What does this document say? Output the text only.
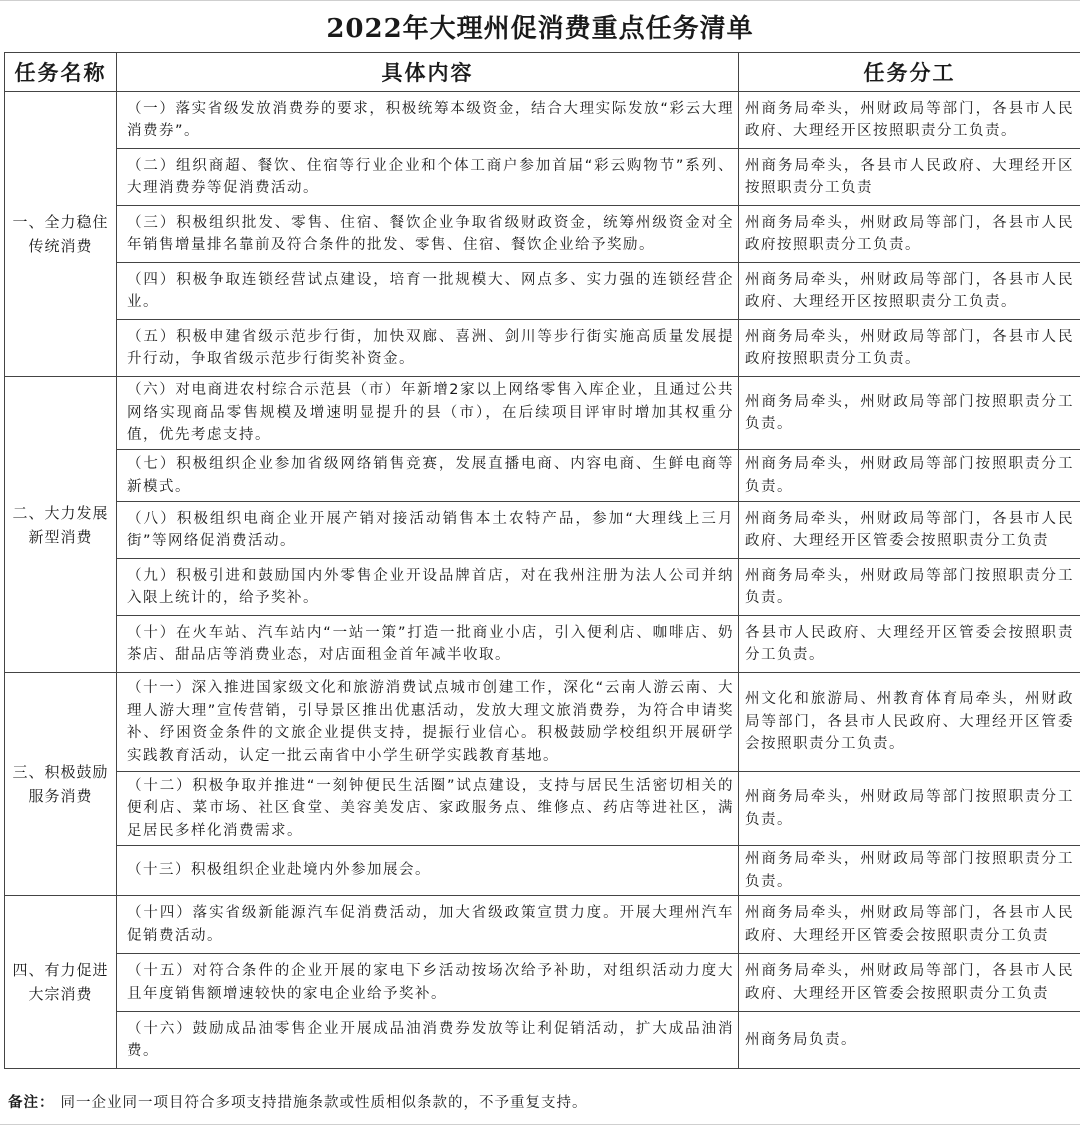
2022年大理州促消费重点任务清单
任务名称	具体内容	任务分工

一、全力稳住
传统消费	（一）落实省级发放消费券的要求，积极统筹本级资金，结合大理实际发放“彩云大理消费券”。	州商务局牵头，州财政局等部门，各县市人民政府、大理经开区按照职责分工负责。
	（二）组织商超、餐饮、住宿等行业企业和个体工商户参加首届“彩云购物节”系列、大理消费券等促消费活动。	州商务局牵头，各县市人民政府、大理经开区按照职责分工负责
	（三）积极组织批发、零售、住宿、餐饮企业争取省级财政资金，统筹州级资金对全年销售增量排名靠前及符合条件的批发、零售、住宿、餐饮企业给予奖励。	州商务局牵头，州财政局等部门，各县市人民政府按照职责分工负责。
	（四）积极争取连锁经营试点建设，培育一批规模大、网点多、实力强的连锁经营企业。	州商务局牵头，州财政局等部门，各县市人民政府、大理经开区按照职责分工负责。
	（五）积极申建省级示范步行街，加快双廊、喜洲、剑川等步行街实施高质量发展提升行动，争取省级示范步行街奖补资金。	州商务局牵头，州财政局等部门，各县市人民政府按照职责分工负责。

二、大力发展
新型消费	（六）对电商进农村综合示范县（市）年新增2家以上网络零售入库企业，且通过公共网络实现商品零售规模及增速明显提升的县（市），在后续项目评审时增加其权重分值，优先考虑支持。	州商务局牵头，州财政局等部门按照职责分工负责。
	（七）积极组织企业参加省级网络销售竞赛，发展直播电商、内容电商、生鲜电商等新模式。	州商务局牵头，州财政局等部门按照职责分工负责。
	（八）积极组织电商企业开展产销对接活动销售本土农特产品，参加“大理线上三月街”等网络促消费活动。	州商务局牵头，州财政局等部门，各县市人民政府、大理经开区管委会按照职责分工负责
	（九）积极引进和鼓励国内外零售企业开设品牌首店，对在我州注册为法人公司并纳入限上统计的，给予奖补。	州商务局牵头，州财政局等部门按照职责分工负责。
	（十）在火车站、汽车站内“一站一策”打造一批商业小店，引入便利店、咖啡店、奶茶店、甜品店等消费业态，对店面租金首年减半收取。	各县市人民政府、大理经开区管委会按照职责分工负责。

三、积极鼓励
服务消费	（十一）深入推进国家级文化和旅游消费试点城市创建工作，深化“云南人游云南、大理人游大理”宣传营销，引导景区推出优惠活动，发放大理文旅消费券，为符合申请奖补、纾困资金条件的文旅企业提供支持，提振行业信心。积极鼓励学校组织开展研学实践教育活动，认定一批云南省中小学生研学实践教育基地。	州文化和旅游局、州教育体育局牵头，州财政局等部门，各县市人民政府、大理经开区管委会按照职责分工负责。
	（十二）积极争取并推进“一刻钟便民生活圈”试点建设，支持与居民生活密切相关的便利店、菜市场、社区食堂、美容美发店、家政服务点、维修点、药店等进社区，满足居民多样化消费需求。	州商务局牵头，州财政局等部门按照职责分工负责。
	（十三）积极组织企业赴境内外参加展会。	州商务局牵头，州财政局等部门按照职责分工负责。

四、有力促进
大宗消费	（十四）落实省级新能源汽车促消费活动，加大省级政策宣贯力度。开展大理州汽车促销费活动。	州商务局牵头，州财政局等部门，各县市人民政府、大理经开区管委会按照职责分工负责
	（十五）对符合条件的企业开展的家电下乡活动按场次给予补助，对组织活动力度大且年度销售额增速较快的家电企业给予奖补。	州商务局牵头，州财政局等部门，各县市人民政府、大理经开区管委会按照职责分工负责
	（十六）鼓励成品油零售企业开展成品油消费券发放等让利促销活动，扩大成品油消费。	州商务局负责。
备注： 同一企业同一项目符合多项支持措施条款或性质相似条款的，不予重复支持。
